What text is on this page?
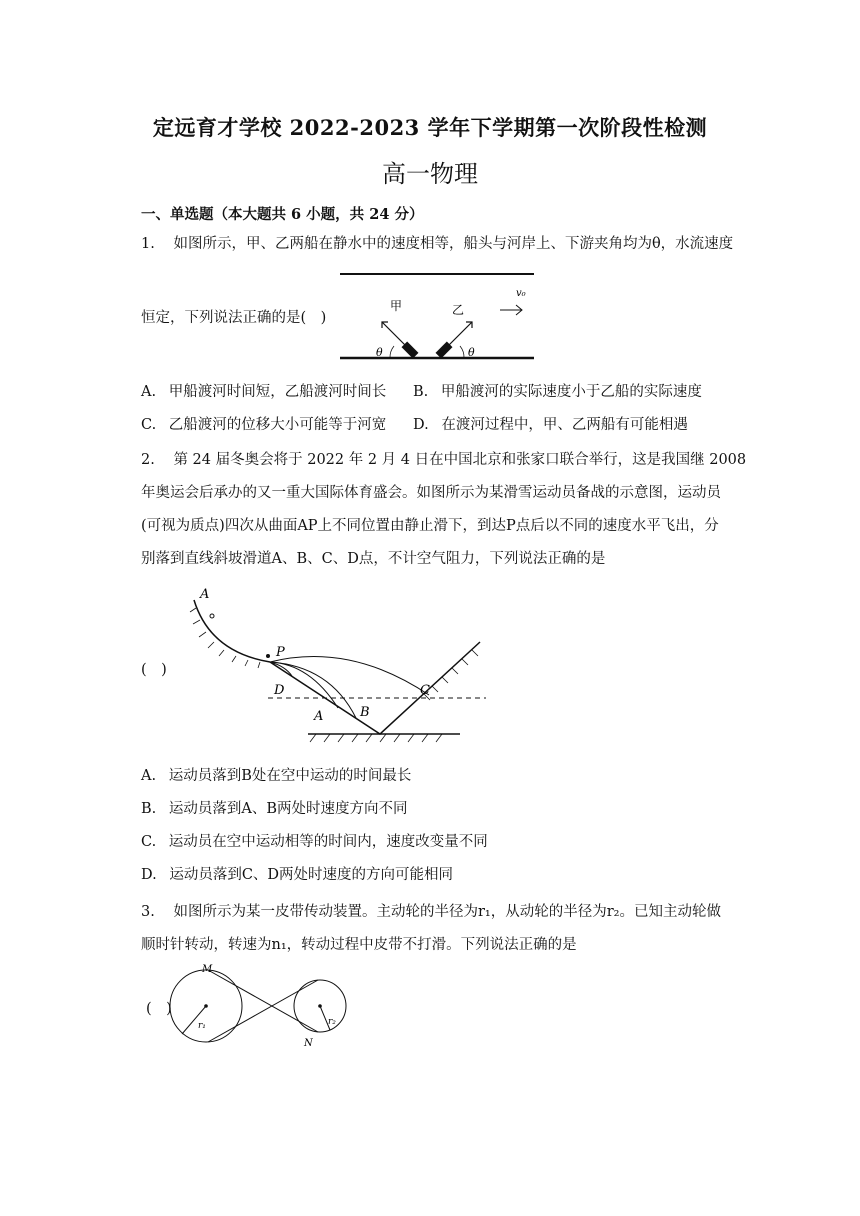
定远育才学校 2022-2023 学年下学期第一次阶段性检测
高一物理
一、单选题（本大题共 6 小题，共 24 分）
1. 如图所示，甲、乙两船在静水中的速度相等，船头与河岸上、下游夹角均为θ，水流速度
恒定，下列说法正确的是(　)
甲	乙
v₀
θ	θ
A. 甲船渡河时间短，乙船渡河时间长 B. 甲船渡河的实际速度小于乙船的实际速度
C. 乙船渡河的位移大小可能等于河宽 D. 在渡河过程中，甲、乙两船有可能相遇
2. 第 24 届冬奥会将于 2022 年 2 月 4 日在中国北京和张家口联合举行，这是我国继 2008
年奥运会后承办的又一重大国际体育盛会。如图所示为某滑雪运动员备战的示意图，运动员
(可视为质点)四次从曲面AP上不同位置由静止滑下，到达P点后以不同的速度水平飞出，分
别落到直线斜坡滑道A、B、C、D点，不计空气阻力，下列说法正确的是
(　)
A
P
D
A	B
C
A. 运动员落到B处在空中运动的时间最长
B. 运动员落到A、B两处时速度方向不同
C. 运动员在空中运动相等的时间内，速度改变量不同
D. 运动员落到C、D两处时速度的方向可能相同
3. 如图所示为某一皮带传动装置。主动轮的半径为r₁，从动轮的半径为r₂。已知主动轮做
顺时针转动，转速为n₁，转动过程中皮带不打滑。下列说法正确的是
(　)
M
N
r₁	r₂
